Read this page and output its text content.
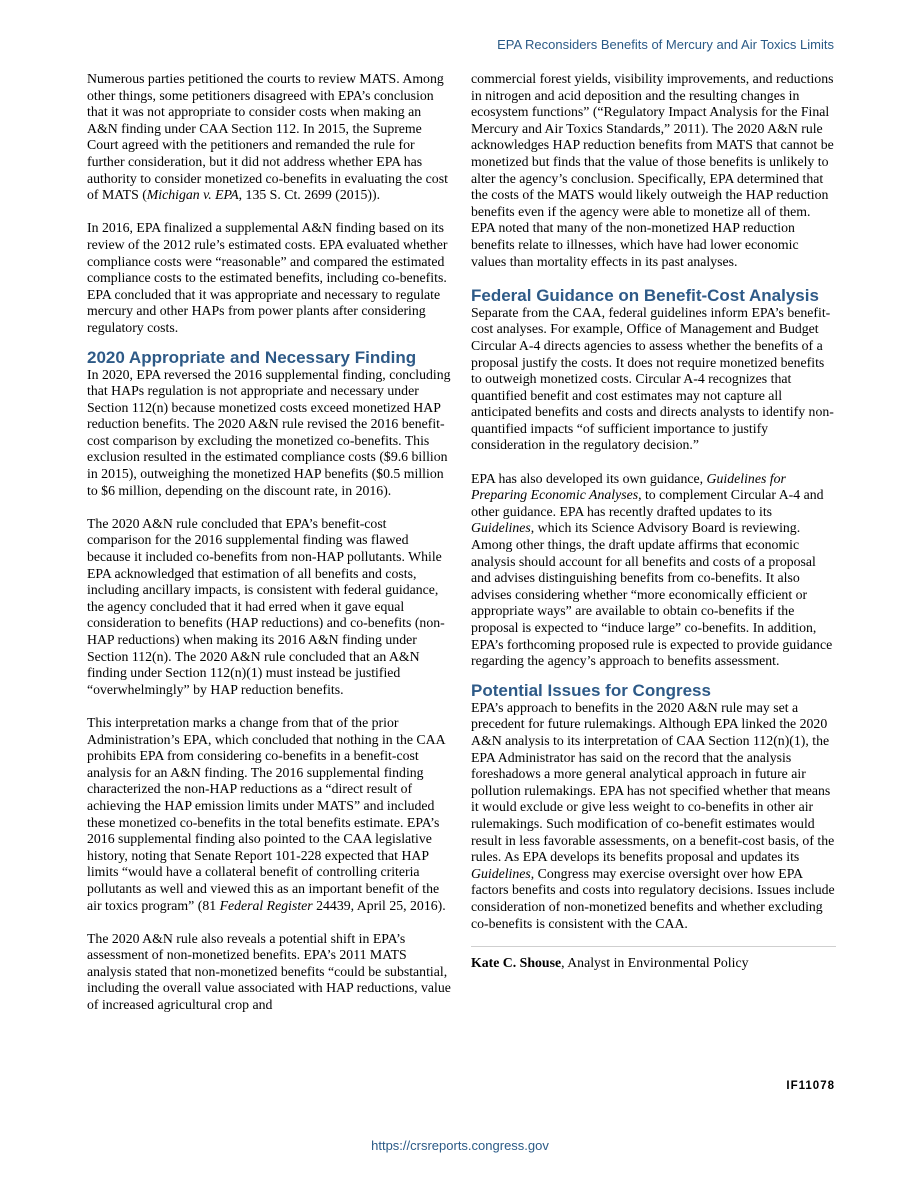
EPA Reconsiders Benefits of Mercury and Air Toxics Limits

Numerous parties petitioned the courts to review MATS. Among other things, some petitioners disagreed with EPA’s conclusion that it was not appropriate to consider costs when making an A&N finding under CAA Section 112. In 2015, the Supreme Court agreed with the petitioners and remanded the rule for further consideration, but it did not address whether EPA has authority to consider monetized co-benefits in evaluating the cost of MATS (Michigan v. EPA, 135 S. Ct. 2699 (2015)).

In 2016, EPA finalized a supplemental A&N finding based on its review of the 2012 rule’s estimated costs. EPA evaluated whether compliance costs were “reasonable” and compared the estimated compliance costs to the estimated benefits, including co-benefits. EPA concluded that it was appropriate and necessary to regulate mercury and other HAPs from power plants after considering regulatory costs.

2020 Appropriate and Necessary Finding

In 2020, EPA reversed the 2016 supplemental finding, concluding that HAPs regulation is not appropriate and necessary under Section 112(n) because monetized costs exceed monetized HAP reduction benefits. The 2020 A&N rule revised the 2016 benefit-cost comparison by excluding the monetized co-benefits. This exclusion resulted in the estimated compliance costs ($9.6 billion in 2015), outweighing the monetized HAP benefits ($0.5 million to $6 million, depending on the discount rate, in 2016).

The 2020 A&N rule concluded that EPA’s benefit-cost comparison for the 2016 supplemental finding was flawed because it included co-benefits from non-HAP pollutants. While EPA acknowledged that estimation of all benefits and costs, including ancillary impacts, is consistent with federal guidance, the agency concluded that it had erred when it gave equal consideration to benefits (HAP reductions) and co-benefits (non-HAP reductions) when making its 2016 A&N finding under Section 112(n). The 2020 A&N rule concluded that an A&N finding under Section 112(n)(1) must instead be justified “overwhelmingly” by HAP reduction benefits.

This interpretation marks a change from that of the prior Administration’s EPA, which concluded that nothing in the CAA prohibits EPA from considering co-benefits in a benefit-cost analysis for an A&N finding. The 2016 supplemental finding characterized the non-HAP reductions as a “direct result of achieving the HAP emission limits under MATS” and included these monetized co-benefits in the total benefits estimate. EPA’s 2016 supplemental finding also pointed to the CAA legislative history, noting that Senate Report 101-228 expected that HAP limits “would have a collateral benefit of controlling criteria pollutants as well and viewed this as an important benefit of the air toxics program” (81 Federal Register 24439, April 25, 2016).

The 2020 A&N rule also reveals a potential shift in EPA’s assessment of non-monetized benefits. EPA’s 2011 MATS analysis stated that non-monetized benefits “could be substantial, including the overall value associated with HAP reductions, value of increased agricultural crop and

commercial forest yields, visibility improvements, and reductions in nitrogen and acid deposition and the resulting changes in ecosystem functions” (“Regulatory Impact Analysis for the Final Mercury and Air Toxics Standards,” 2011). The 2020 A&N rule acknowledges HAP reduction benefits from MATS that cannot be monetized but finds that the value of those benefits is unlikely to alter the agency’s conclusion. Specifically, EPA determined that the costs of the MATS would likely outweigh the HAP reduction benefits even if the agency were able to monetize all of them. EPA noted that many of the non-monetized HAP reduction benefits relate to illnesses, which have had lower economic values than mortality effects in its past analyses.

Federal Guidance on Benefit-Cost Analysis

Separate from the CAA, federal guidelines inform EPA’s benefit-cost analyses. For example, Office of Management and Budget Circular A-4 directs agencies to assess whether the benefits of a proposal justify the costs. It does not require monetized benefits to outweigh monetized costs. Circular A-4 recognizes that quantified benefit and cost estimates may not capture all anticipated benefits and costs and directs analysts to identify non-quantified impacts “of sufficient importance to justify consideration in the regulatory decision.”

EPA has also developed its own guidance, Guidelines for Preparing Economic Analyses, to complement Circular A-4 and other guidance. EPA has recently drafted updates to its Guidelines, which its Science Advisory Board is reviewing. Among other things, the draft update affirms that economic analysis should account for all benefits and costs of a proposal and advises distinguishing benefits from co-benefits. It also advises considering whether “more economically efficient or appropriate ways” are available to obtain co-benefits if the proposal is expected to “induce large” co-benefits. In addition, EPA’s forthcoming proposed rule is expected to provide guidance regarding the agency’s approach to benefits assessment.

Potential Issues for Congress

EPA’s approach to benefits in the 2020 A&N rule may set a precedent for future rulemakings. Although EPA linked the 2020 A&N analysis to its interpretation of CAA Section 112(n)(1), the EPA Administrator has said on the record that the analysis foreshadows a more general analytical approach in future air pollution rulemakings. EPA has not specified whether that means it would exclude or give less weight to co-benefits in other air rulemakings. Such modification of co-benefit estimates would result in less favorable assessments, on a benefit-cost basis, of the rules. As EPA develops its benefits proposal and updates its Guidelines, Congress may exercise oversight over how EPA factors benefits and costs into regulatory decisions. Issues include consideration of non-monetized benefits and whether excluding co-benefits is consistent with the CAA.

Kate C. Shouse, Analyst in Environmental Policy

IF11078
https://crsreports.congress.gov
